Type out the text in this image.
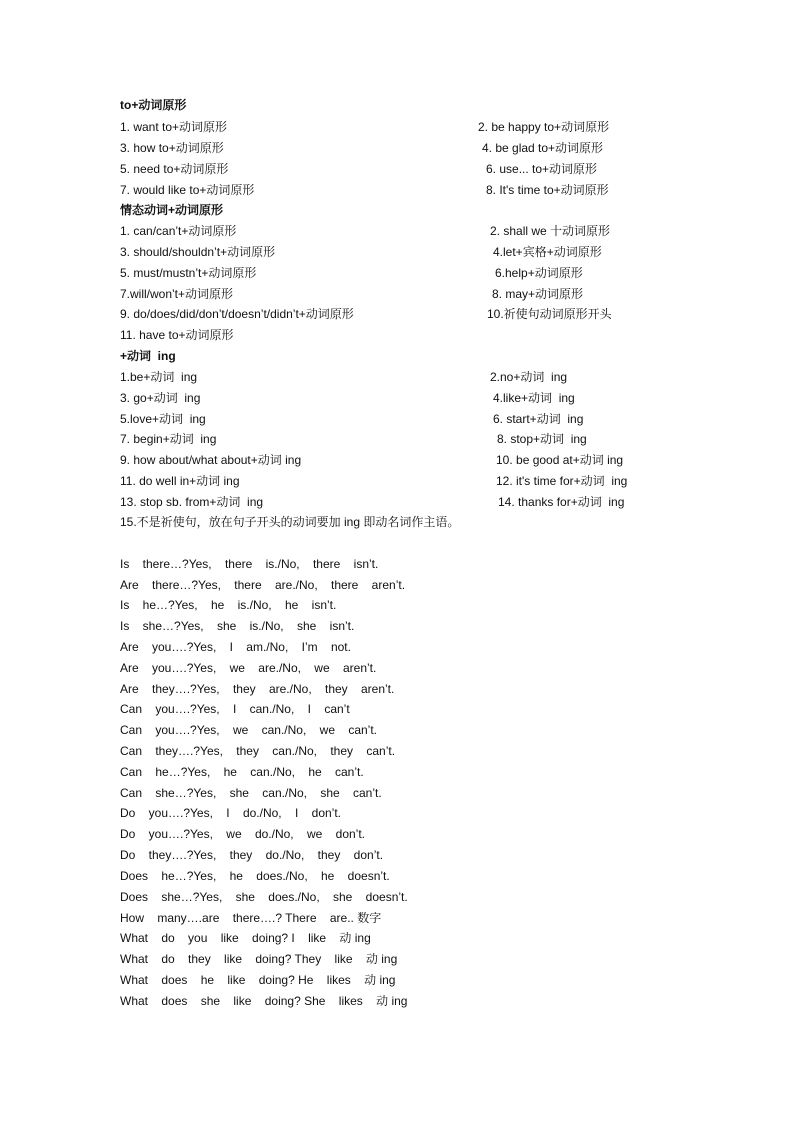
to+动词原形
1. want to+动词原形	2. be happy to+动词原形
3. how to+动词原形	4. be glad to+动词原形
5. need to+动词原形	6. use... to+动词原形
7. would like to+动词原形	8. It's time to+动词原形
情态动词+动词原形
1. can/can’t+动词原形	2. shall we 十动词原形
3. should/shouldn’t+动词原形	4.let+宾格+动词原形
5. must/mustn’t+动词原形	6.help+动词原形
7.will/won’t+动词原形	8. may+动词原形
9. do/does/did/don’t/doesn’t/didn’t+动词原形	10.祈使句动词原形开头
11. have to+动词原形
+动词  ing
1.be+动词  ing	2.no+动词  ing
3. go+动词  ing	4.like+动词  ing
5.love+动词  ing	6. start+动词  ing
7. begin+动词  ing	8. stop+动词  ing
9. how about/what about+动词 ing	10. be good at+动词 ing
11. do well in+动词 ing	12. it's time for+动词  ing
13. stop sb. from+动词  ing	14. thanks for+动词  ing
15.不是祈使句，放在句子开头的动词要加 ing 即动名词作主语。
Is    there…?Yes,    there    is./No,    there    isn’t.
Are    there…?Yes,    there    are./No,    there    aren’t.
Is    he…?Yes,    he    is./No,    he    isn’t.
Is    she…?Yes,    she    is./No,    she    isn’t.
Are    you….?Yes,    I    am./No,    I’m    not.
Are    you….?Yes,    we    are./No,    we    aren’t.
Are    they….?Yes,    they    are./No,    they    aren’t.
Can    you….?Yes,    I    can./No,    I    can’t
Can    you….?Yes,    we    can./No,    we    can’t.
Can    they….?Yes,    they    can./No,    they    can’t.
Can    he…?Yes,    he    can./No,    he    can’t.
Can    she…?Yes,    she    can./No,    she    can’t.
Do    you….?Yes,    I    do./No,    I    don’t.
Do    you….?Yes,    we    do./No,    we    don’t.
Do    they….?Yes,    they    do./No,    they    don’t.
Does    he…?Yes,    he    does./No,    he    doesn’t.
Does    she…?Yes,    she    does./No,    she    doesn’t.
How    many….are    there….? There    are.. 数字
What    do    you    like    doing? I    like    动 ing
What    do    they    like    doing? They    like    动 ing
What    does    he    like    doing? He    likes    动 ing
What    does    she    like    doing? She    likes    动 ing
